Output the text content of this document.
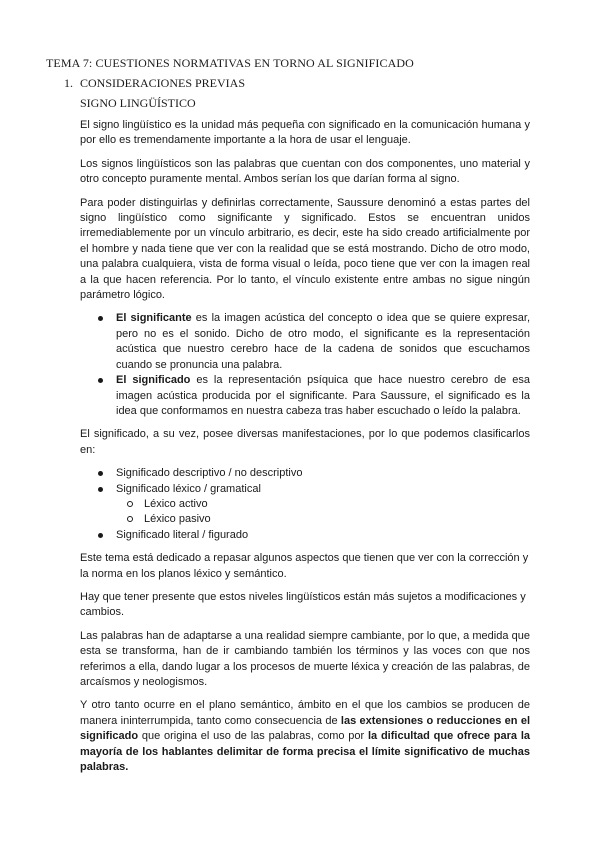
TEMA 7: CUESTIONES NORMATIVAS EN TORNO AL SIGNIFICADO
1. CONSIDERACIONES PREVIAS
SIGNO LINGÜÍSTICO

El signo lingüístico es la unidad más pequeña con significado en la comunicación humana y por ello es tremendamente importante a la hora de usar el lenguaje.

Los signos lingüísticos son las palabras que cuentan con dos componentes, uno material y otro concepto puramente mental. Ambos serían los que darían forma al signo.

Para poder distinguirlas y definirlas correctamente, Saussure denominó a estas partes del signo lingüístico como significante y significado. Estos se encuentran unidos irremediablemente por un vínculo arbitrario, es decir, este ha sido creado artificialmente por el hombre y nada tiene que ver con la realidad que se está mostrando. Dicho de otro modo, una palabra cualquiera, vista de forma visual o leída, poco tiene que ver con la imagen real a la que hacen referencia. Por lo tanto, el vínculo existente entre ambas no sigue ningún parámetro lógico.

El significante es la imagen acústica del concepto o idea que se quiere expresar, pero no es el sonido. Dicho de otro modo, el significante es la representación acústica que nuestro cerebro hace de la cadena de sonidos que escuchamos cuando se pronuncia una palabra.
El significado es la representación psíquica que hace nuestro cerebro de esa imagen acústica producida por el significante. Para Saussure, el significado es la idea que conformamos en nuestra cabeza tras haber escuchado o leído la palabra.

El significado, a su vez, posee diversas manifestaciones, por lo que podemos clasificarlos en:

Significado descriptivo / no descriptivo
Significado léxico / gramatical
Léxico activo
Léxico pasivo
Significado literal / figurado

Este tema está dedicado a repasar algunos aspectos que tienen que ver con la corrección y la norma en los planos léxico y semántico.

Hay que tener presente que estos niveles lingüísticos están más sujetos a modificaciones y cambios.

Las palabras han de adaptarse a una realidad siempre cambiante, por lo que, a medida que esta se transforma, han de ir cambiando también los términos y las voces con que nos referimos a ella, dando lugar a los procesos de muerte léxica y creación de las palabras, de arcaísmos y neologismos.

Y otro tanto ocurre en el plano semántico, ámbito en el que los cambios se producen de manera ininterrumpida, tanto como consecuencia de las extensiones o reducciones en el significado que origina el uso de las palabras, como por la dificultad que ofrece para la mayoría de los hablantes delimitar de forma precisa el límite significativo de muchas palabras.
